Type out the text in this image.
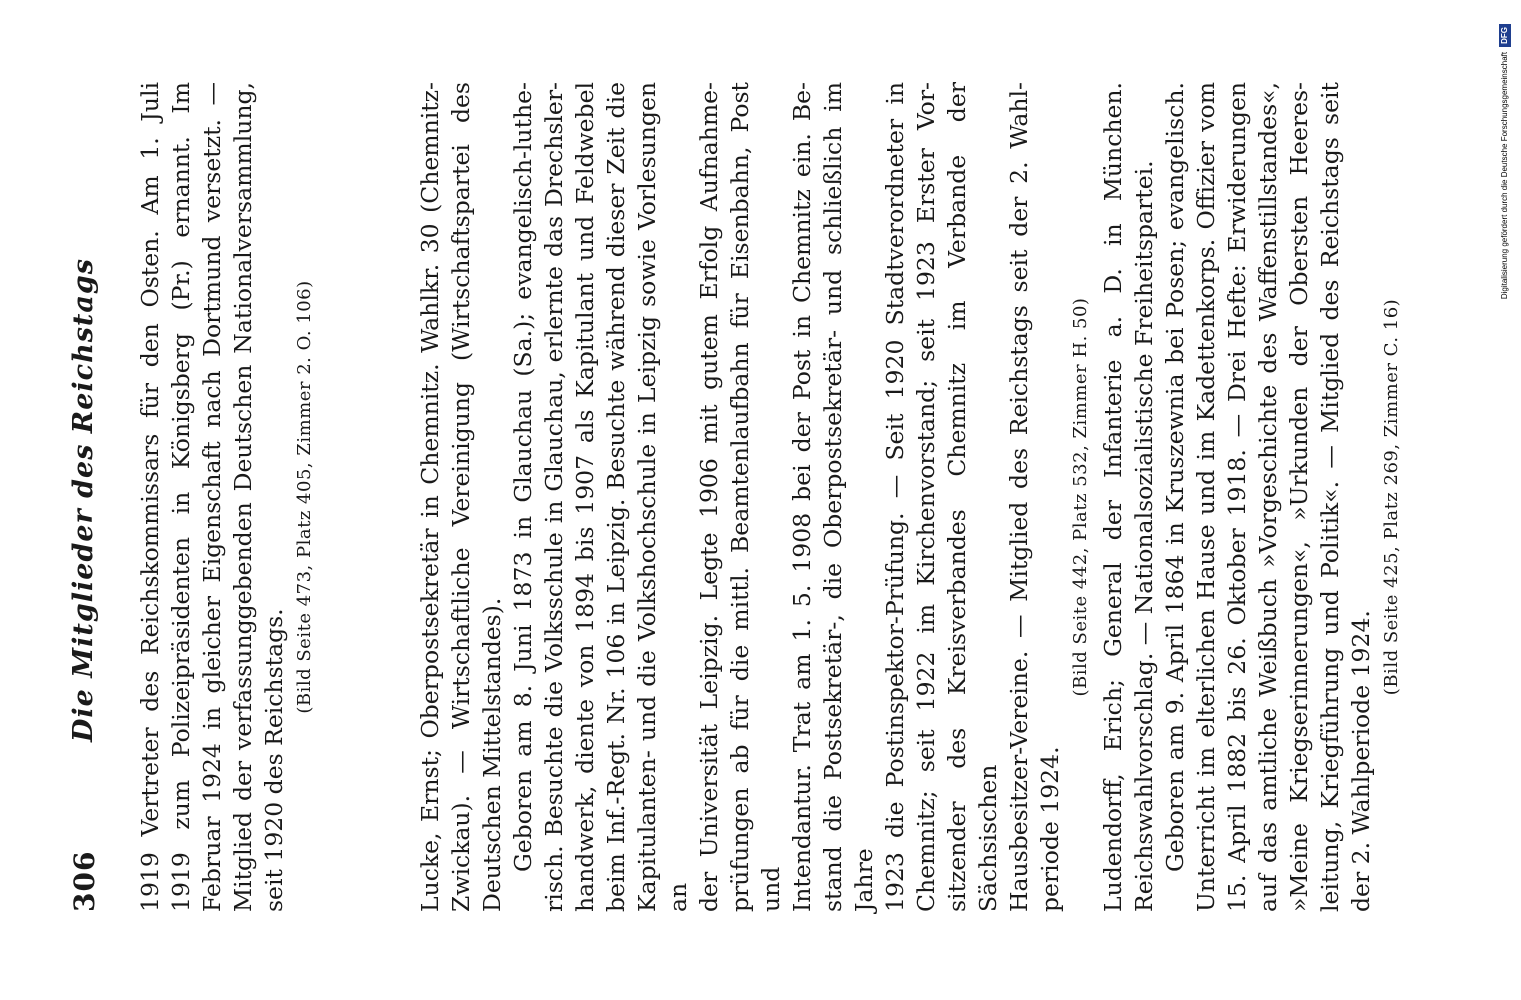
306
Die Mitglieder des Reichstags 1919 Vertreter des Reichskommissars für den Osten. Am 1. Juli 1919 zum Polizeipräsidenten in Königsberg (Pr.) ernannt. Im Februar 1924 in gleicher Eigenschaft nach Dortmund versetzt. — Mitglied der verfassunggebenden Deutschen Nationalversammlung, seit 1920 des Reichstags.

(Bild Seite 473, Platz 405, Zimmer 2. O. 106)	Lucke, Ernst; Oberpostsekretär in Chemnitz. Wahlkr. 30 (Chemnitz- Zwickau). — Wirtschaftliche Vereinigung (Wirtschaftspartei des Deutschen Mittelstandes). Geboren am 8. Juni 1873 in Glauchau (Sa.); evangelisch-luthe- risch. Besuchte die Volksschule in Glauchau, erlernte das Drechsler- handwerk, diente von 1894 bis 1907 als Kapitulant und Feldwebel beim Inf.-Regt. Nr. 106 in Leipzig. Besuchte während dieser Zeit die Kapitulanten- und die Volkshochschule in Leipzig sowie Vorlesungen an der Universität Leipzig. Legte 1906 mit gutem Erfolg Aufnahme- prüfungen ab für die mittl. Beamtenlaufbahn für Eisenbahn, Post und Intendantur. Trat am 1. 5. 1908 bei der Post in Chemnitz ein. Be- stand die Postsekretär-, die Oberpostsekretär- und schließlich im Jahre 1923 die Postinspektor-Prüfung. — Seit 1920 Stadtverordneter in Chemnitz; seit 1922 im Kirchenvorstand; seit 1923 Erster Vor- sitzender des Kreisverbandes Chemnitz im Verbande der Sächsischen Hausbesitzer-Vereine. — Mitglied des Reichstags seit der 2. Wahl- periode 1924.

(Bild Seite 442, Platz 532, Zimmer H. 50) Ludendorff, Erich; General der Infanterie a. D. in München. Reichswahlvorschlag. — Nationalsozialistische Freiheitspartei. Geboren am 9. April 1864 in Kruszewnia bei Posen; evangelisch. Unterricht im elterlichen Hause und im Kadettenkorps. Offizier vom 15. April 1882 bis 26. Oktober 1918. — Drei Hefte: Erwiderungen auf das amtliche Weißbuch »Vorgeschichte des Waffenstillstandes«, »Meine Kriegserinnerungen«, »Urkunden der Obersten Heeres- leitung, Kriegführung und Politik«. — Mitglied des Reichstags seit der 2. Wahlperiode 1924.

(Bild Seite 425, Platz 269, Zimmer C. 16)
Digitalisierung gefördert durch die Deutsche ForschungsgemeinschaftDFG
